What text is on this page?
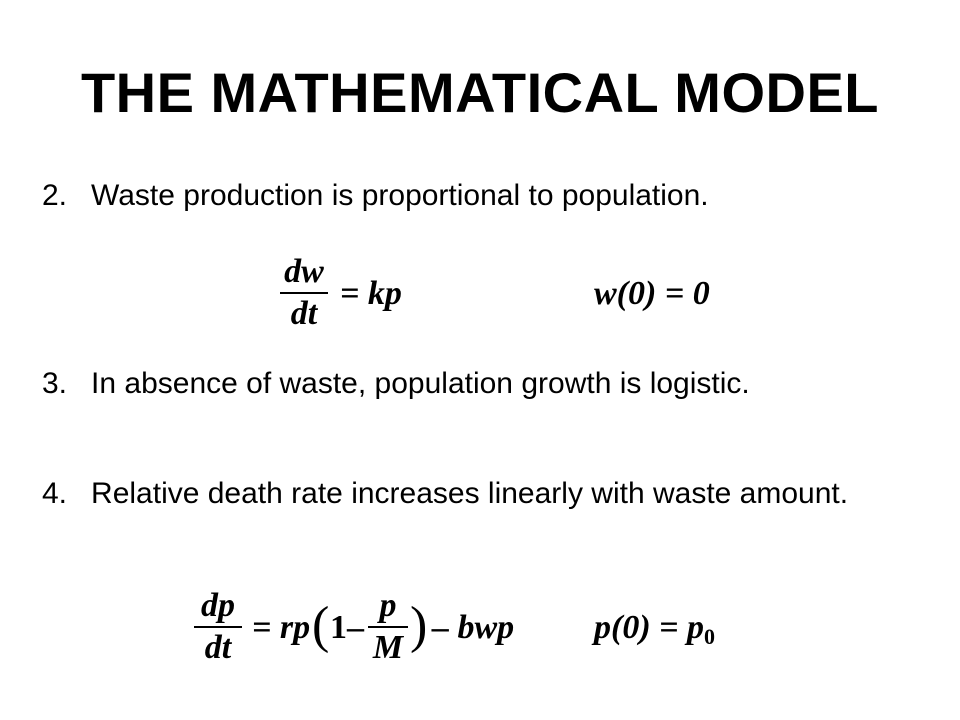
THE MATHEMATICAL MODEL
2. Waste production is proportional to population.
dw
dt
= kp	w(0) = 0
3. In absence of waste, population growth is logistic.
4. Relative death rate increases linearly with waste amount.
dp
dt
= rp ( 1–
p
M ) – bwp $p(0) = p_0$
